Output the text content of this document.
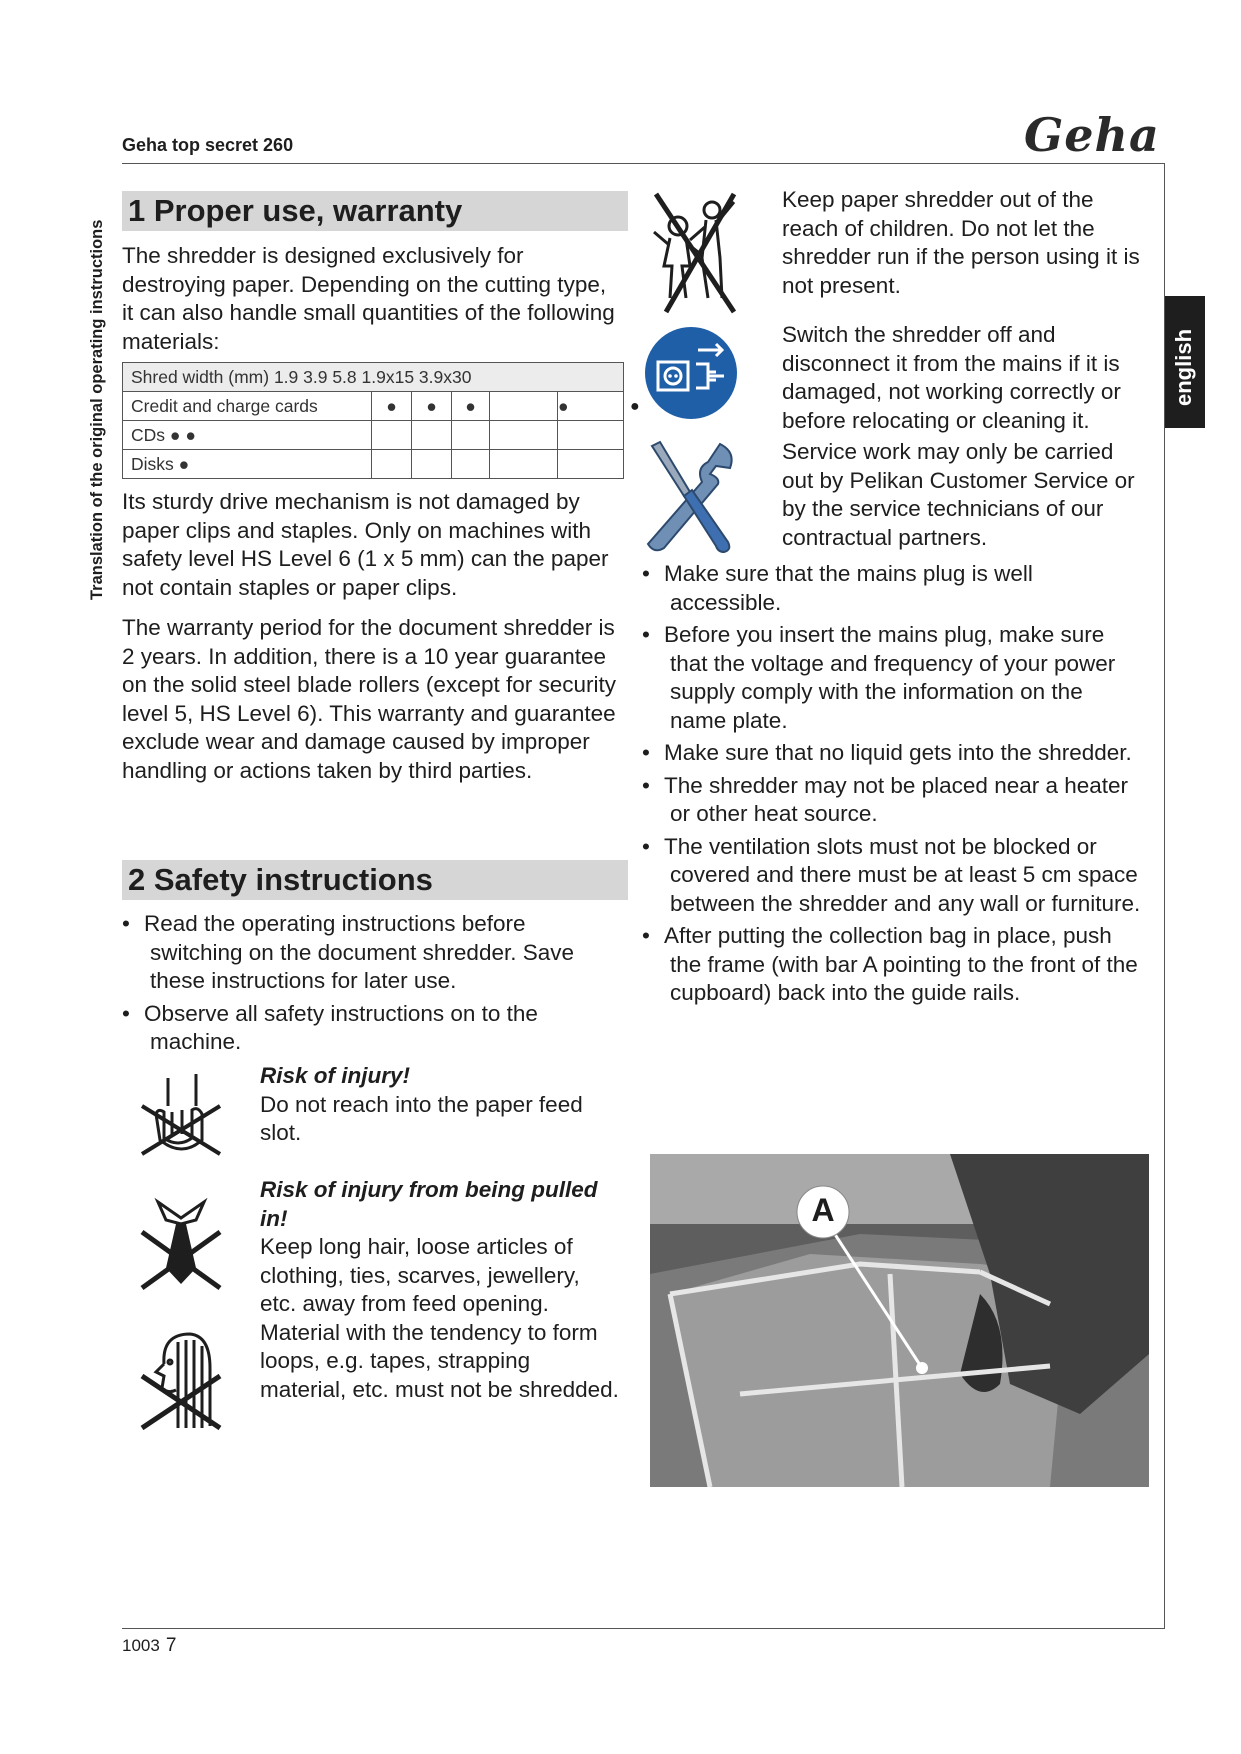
Geha top secret 260	Geha
Translation of the original operating instructions	english
1 Proper use, warranty
The shredder is designed exclusively for destroying paper. Depending on the cutting type, it can also handle small quantities of the following materials:
Shred width (mm) 1.9 3.9 5.8 1.9x15 3.9x30					
Credit and charge cards	●	●	●		●
CDs ● ●					
Disks ●					
●
Its sturdy drive mechanism is not damaged by paper clips and staples. Only on machines with safety level HS Level 6 (1 x 5 mm) can the paper not contain staples or paper clips.
The warranty period for the document shredder is 2 years. In addition, there is a 10 year guarantee on the solid steel blade rollers (except for security level 5, HS Level 6). This warranty and guarantee exclude wear and damage caused by improper handling or actions taken by third parties.
2 Safety instructions
• Read the operating instructions before switching on the document shredder. Save these instructions for later use.
• Observe all safety instructions on to the machine.
Risk of injury!
Do not reach into the paper feed slot.
Risk of injury from being pulled in!
Keep long hair, loose articles of clothing, ties, scarves, jewellery, etc. away from feed opening.
Material with the tendency to form loops, e.g. tapes, strapping material, etc. must not be shredded.
Keep paper shredder out of the reach of children. Do not let the shredder run if the person using it is not present.
Switch the shredder off and disconnect it from the mains if it is damaged, not working correctly or before relocating or cleaning it.
Service work may only be carried out by Pelikan Customer Service or by the service technicians of our contractual partners.
• Make sure that the mains plug is well accessible.
• Before you insert the mains plug, make sure that the voltage and frequency of your power supply comply with the information on the name plate.
• Make sure that no liquid gets into the shredder.
• The shredder may not be placed near a heater or other heat source.
• The ventilation slots must not be blocked or covered and there must be at least 5 cm space between the shredder and any wall or furniture.
• After putting the collection bag in place, push the frame (with bar A pointing to the front of the cupboard) back into the guide rails.
A
1003 7
